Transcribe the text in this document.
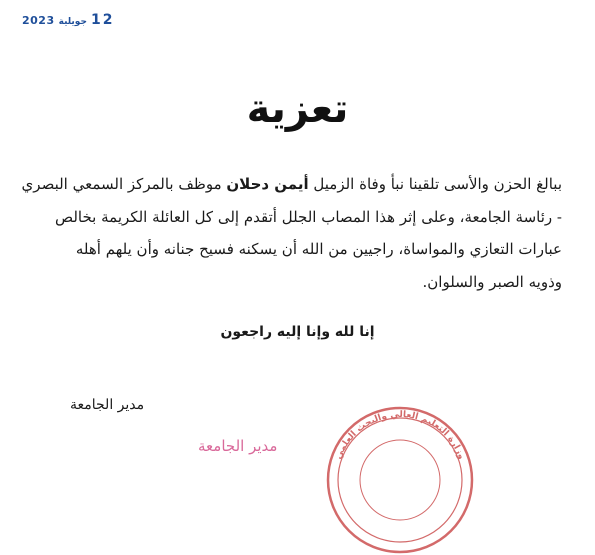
2023 جويلية 12
تعزية
ببالغ الحزن والأسى تلقينا نبأ وفاة الزميل أيمن دحلان موظف بالمركز السمعي البصري
- رئاسة الجامعة، وعلى إثر هذا المصاب الجلل أتقدم إلى كل العائلة الكريمة بخالص
عبارات التعازي والمواساة، راجيين من الله أن يسكنه فسيح جنانه وأن يلهم أهله
وذويه الصبر والسلوان.
إنا لله وإنا إليه راجعون
مدير الجامعة
مدير الجامعة	وزارة التعليم العالي والبحث العلمي
